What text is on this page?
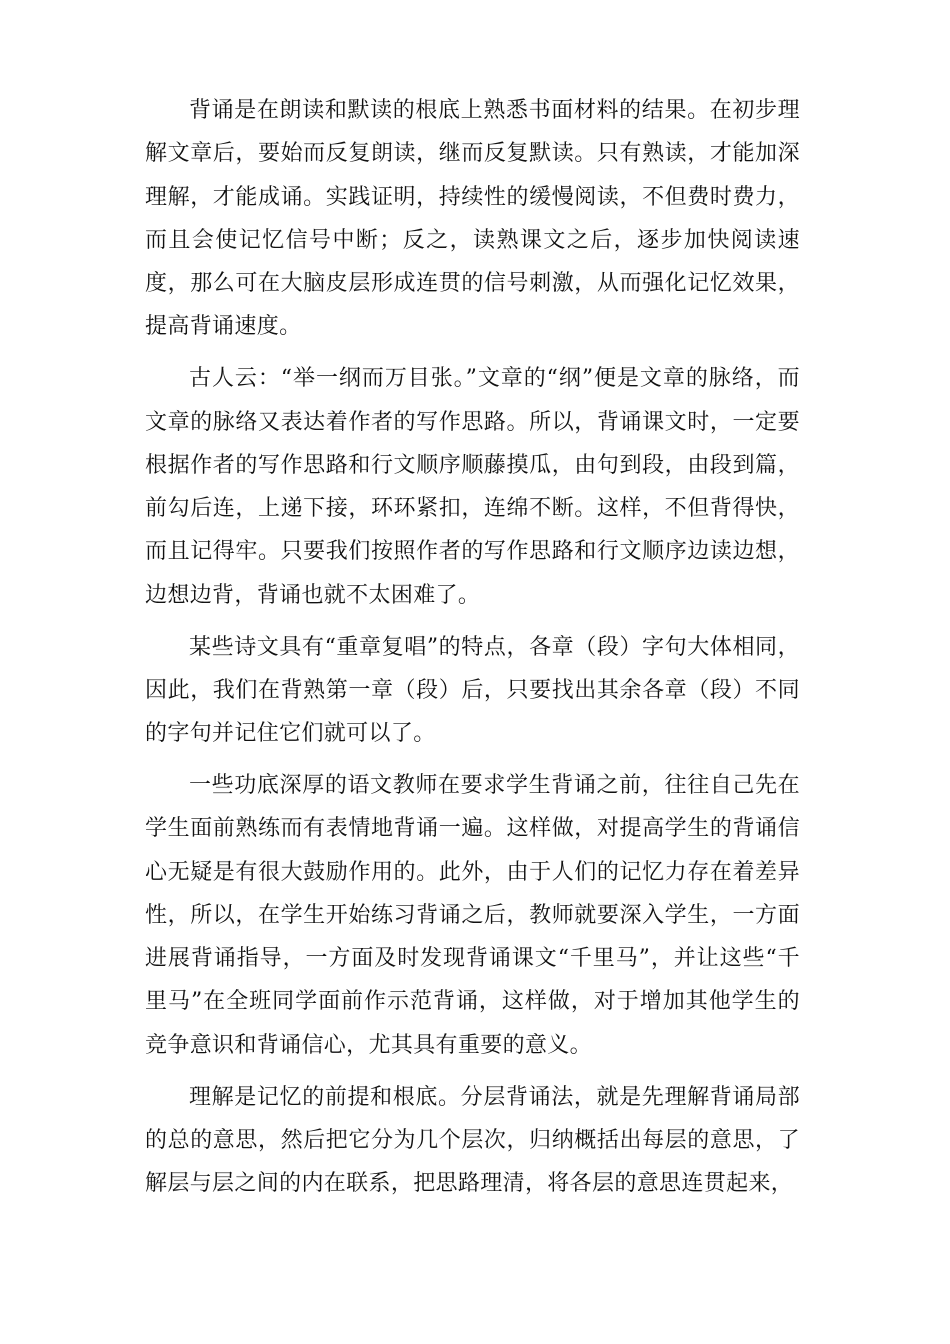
背诵是在朗读和默读的根底上熟悉书面材料的结果。在初步理解文章后，要始而反复朗读，继而反复默读。只有熟读，才能加深理解，才能成诵。实践证明，持续性的缓慢阅读，不但费时费力，而且会使记忆信号中断；反之，读熟课文之后，逐步加快阅读速度，那么可在大脑皮层形成连贯的信号刺激，从而强化记忆效果，提高背诵速度。

古人云：“举一纲而万目张。”文章的“纲”便是文章的脉络，而文章的脉络又表达着作者的写作思路。所以，背诵课文时，一定要根据作者的写作思路和行文顺序顺藤摸瓜，由句到段，由段到篇，前勾后连，上递下接，环环紧扣，连绵不断。这样，不但背得快，而且记得牢。只要我们按照作者的写作思路和行文顺序边读边想，边想边背，背诵也就不太困难了。

某些诗文具有“重章复唱”的特点，各章（段）字句大体相同，因此，我们在背熟第一章（段）后，只要找出其余各章（段）不同的字句并记住它们就可以了。

一些功底深厚的语文教师在要求学生背诵之前，往往自己先在学生面前熟练而有表情地背诵一遍。这样做，对提高学生的背诵信心无疑是有很大鼓励作用的。此外，由于人们的记忆力存在着差异性，所以，在学生开始练习背诵之后，教师就要深入学生，一方面进展背诵指导，一方面及时发现背诵课文“千里马”，并让这些“千里马”在全班同学面前作示范背诵，这样做，对于增加其他学生的竞争意识和背诵信心，尤其具有重要的意义。

理解是记忆的前提和根底。分层背诵法，就是先理解背诵局部的总的意思，然后把它分为几个层次，归纳概括出每层的意思，了解层与层之间的内在联系，把思路理清，将各层的意思连贯起来，
